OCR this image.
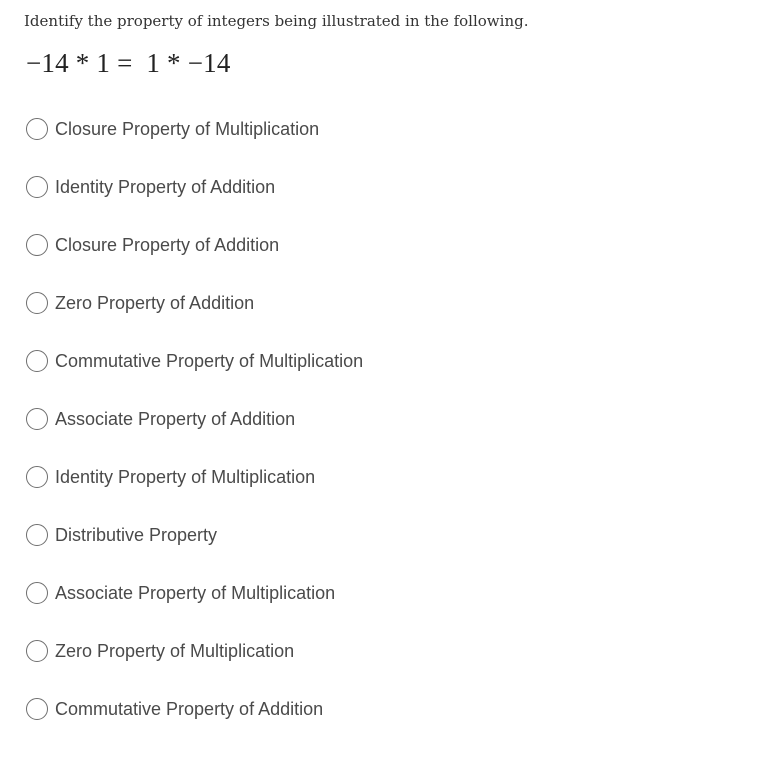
Identify the property of integers being illustrated in the following.
−14 * 1 =  1 * −14
Closure Property of Multiplication
Identity Property of Addition
Closure Property of Addition
Zero Property of Addition
Commutative Property of Multiplication
Associate Property of Addition
Identity Property of Multiplication
Distributive Property
Associate Property of Multiplication
Zero Property of Multiplication
Commutative Property of Addition
